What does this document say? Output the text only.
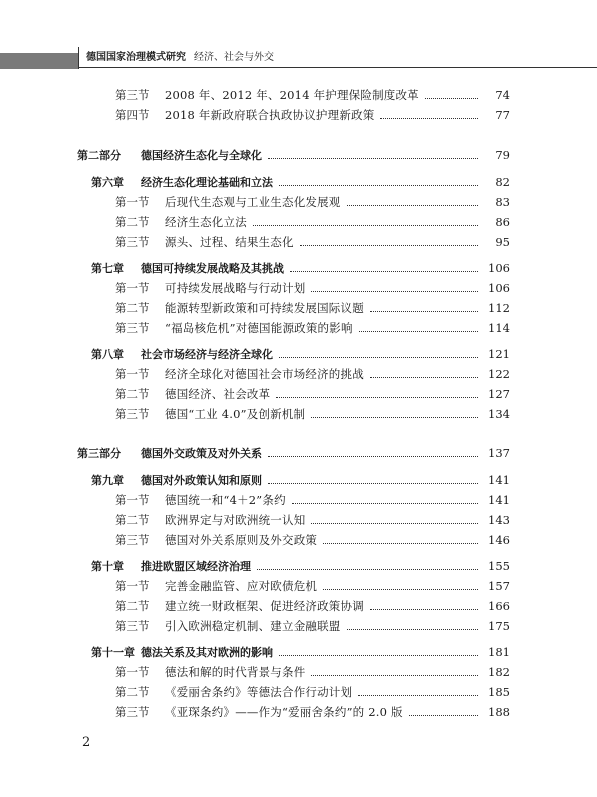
德国国家治理模式研究 经济、社会与外交
第三节	2008 年、2012 年、2014 年护理保险制度改革	74
第四节	2018 年新政府联合执政协议护理新政策	77
第二部分	德国经济生态化与全球化	79
第六章	经济生态化理论基础和立法	82
第一节	后现代生态观与工业生态化发展观	83
第二节	经济生态化立法	86
第三节	源头、过程、结果生态化	95
第七章	德国可持续发展战略及其挑战	106
第一节	可持续发展战略与行动计划	106
第二节	能源转型新政策和可持续发展国际议题	112
第三节	“福岛核危机”对德国能源政策的影响	114
第八章	社会市场经济与经济全球化	121
第一节	经济全球化对德国社会市场经济的挑战	122
第二节	德国经济、社会改革	127
第三节	德国“工业 4.0”及创新机制	134
第三部分	德国外交政策及对外关系	137
第九章	德国对外政策认知和原则	141
第一节	德国统一和“4＋2”条约	141
第二节	欧洲界定与对欧洲统一认知	143
第三节	德国对外关系原则及外交政策	146
第十章	推进欧盟区域经济治理	155
第一节	完善金融监管、应对欧债危机	157
第二节	建立统一财政框架、促进经济政策协调	166
第三节	引入欧洲稳定机制、建立金融联盟	175
第十一章 德法关系及其对欧洲的影响	181
第一节	德法和解的时代背景与条件	182
第二节	《爱丽舍条约》等德法合作行动计划	185
第三节	《亚琛条约》——作为“爱丽舍条约”的 2.0 版	188
2
